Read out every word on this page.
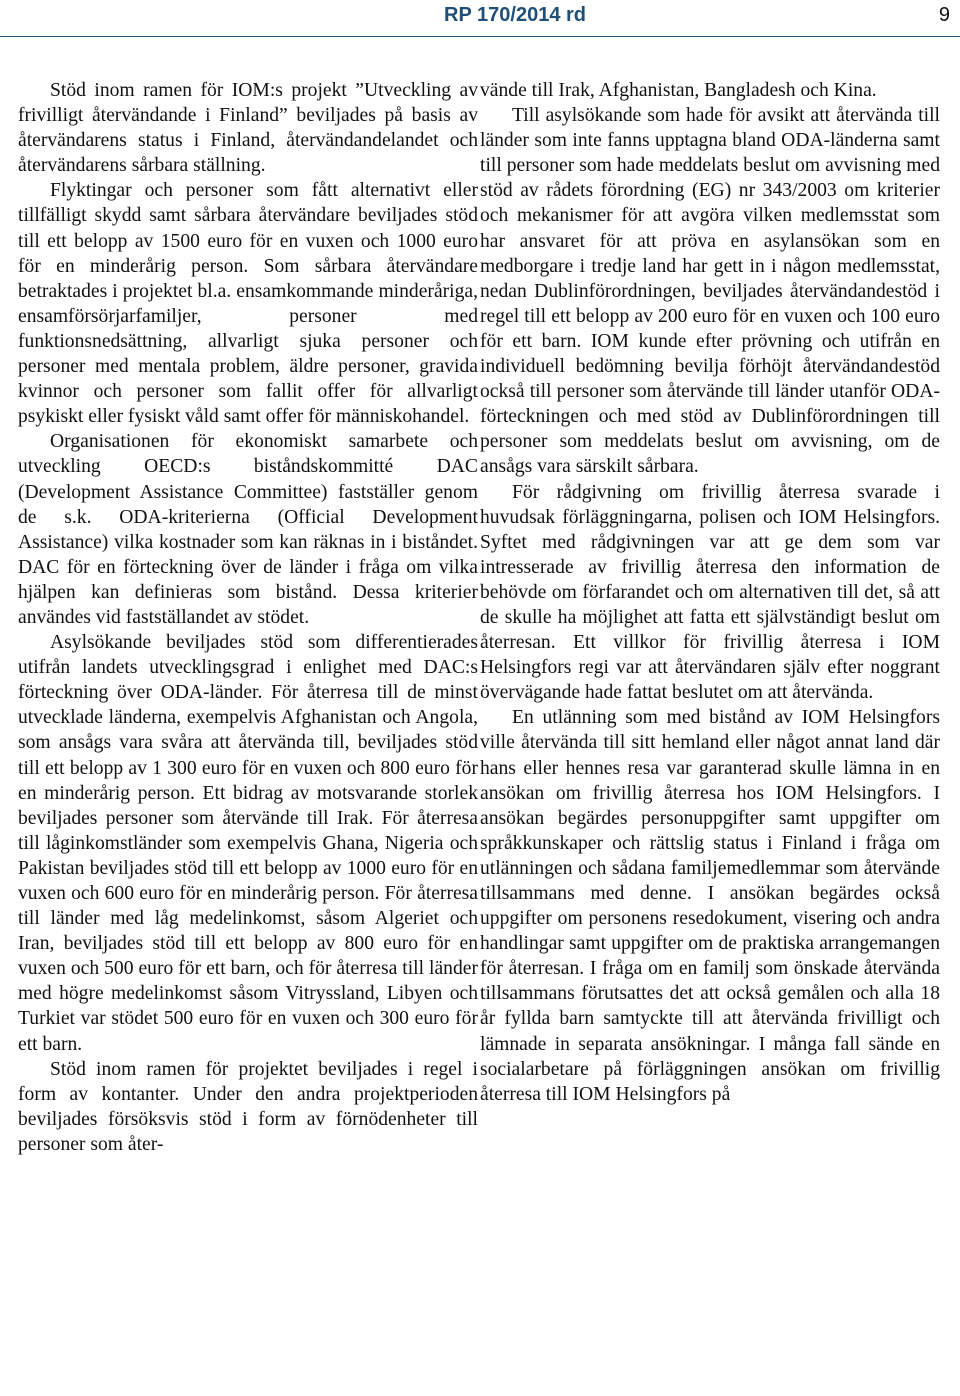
RP 170/2014 rd	9

Stöd inom ramen för IOM:s projekt ”Utveckling av frivilligt återvändande i Finland” beviljades på basis av återvändarens status i Finland, återvändandelandet och återvändarens sårbara ställning.

Flyktingar och personer som fått alternativt eller tillfälligt skydd samt sårbara återvändare beviljades stöd till ett belopp av 1500 euro för en vuxen och 1000 euro för en minderårig person. Som sårbara återvändare betraktades i projektet bl.a. ensamkommande minderåriga, ensamförsörjarfamiljer, personer med funktionsnedsättning, allvarligt sjuka personer och personer med mentala problem, äldre personer, gravida kvinnor och personer som fallit offer för allvarligt psykiskt eller fysiskt våld samt offer för människohandel.

Organisationen för ekonomiskt samarbete och utveckling OECD:s biståndskommitté DAC (Development Assistance Committee) fastställer genom de s.k. ODA-kriterierna (Official Development Assistance) vilka kostnader som kan räknas in i biståndet. DAC för en förteckning över de länder i fråga om vilka hjälpen kan definieras som bistånd. Dessa kriterier användes vid fastställandet av stödet.

Asylsökande beviljades stöd som differentierades utifrån landets utvecklingsgrad i enlighet med DAC:s förteckning över ODA-länder. För återresa till de minst utvecklade länderna, exempelvis Afghanistan och Angola, som ansågs vara svåra att återvända till, beviljades stöd till ett belopp av 1 300 euro för en vuxen och 800 euro för en minderårig person. Ett bidrag av motsvarande storlek beviljades personer som återvände till Irak. För återresa till låginkomstländer som exempelvis Ghana, Nigeria och Pakistan beviljades stöd till ett belopp av 1000 euro för en vuxen och 600 euro för en minderårig person. För återresa till länder med låg medelinkomst, såsom Algeriet och Iran, beviljades stöd till ett belopp av 800 euro för en vuxen och 500 euro för ett barn, och för återresa till länder med högre medelinkomst såsom Vitryssland, Libyen och Turkiet var stödet 500 euro för en vuxen och 300 euro för ett barn.

Stöd inom ramen för projektet beviljades i regel i form av kontanter. Under den andra projektperioden beviljades försöksvis stöd i form av förnödenheter till personer som åter-

vände till Irak, Afghanistan, Bangladesh och Kina.

Till asylsökande som hade för avsikt att återvända till länder som inte fanns upptagna bland ODA-länderna samt till personer som hade meddelats beslut om avvisning med stöd av rådets förordning (EG) nr 343/2003 om kriterier och mekanismer för att avgöra vilken medlemsstat som har ansvaret för att pröva en asylansökan som en medborgare i tredje land har gett in i någon medlemsstat, nedan Dublinförordningen, beviljades återvändandestöd i regel till ett belopp av 200 euro för en vuxen och 100 euro för ett barn. IOM kunde efter prövning och utifrån en individuell bedömning bevilja förhöjt återvändandestöd också till personer som återvände till länder utanför ODA-förteckningen och med stöd av Dublinförordningen till personer som meddelats beslut om avvisning, om de ansågs vara särskilt sårbara.

För rådgivning om frivillig återresa svarade i huvudsak förläggningarna, polisen och IOM Helsingfors. Syftet med rådgivningen var att ge dem som var intresserade av frivillig återresa den information de behövde om förfarandet och om alternativen till det, så att de skulle ha möjlighet att fatta ett självständigt beslut om återresan. Ett villkor för frivillig återresa i IOM Helsingfors regi var att återvändaren själv efter noggrant övervägande hade fattat beslutet om att återvända.

En utlänning som med bistånd av IOM Helsingfors ville återvända till sitt hemland eller något annat land där hans eller hennes resa var garanterad skulle lämna in en ansökan om frivillig återresa hos IOM Helsingfors. I ansökan begärdes personuppgifter samt uppgifter om språkkunskaper och rättslig status i Finland i fråga om utlänningen och sådana familjemedlemmar som återvände tillsammans med denne. I ansökan begärdes också uppgifter om personens resedokument, visering och andra handlingar samt uppgifter om de praktiska arrangemangen för återresan. I fråga om en familj som önskade återvända tillsammans förutsattes det att också gemålen och alla 18 år fyllda barn samtyckte till att återvända frivilligt och lämnade in separata ansökningar. I många fall sände en socialarbetare på förläggningen ansökan om frivillig återresa till IOM Helsingfors på
